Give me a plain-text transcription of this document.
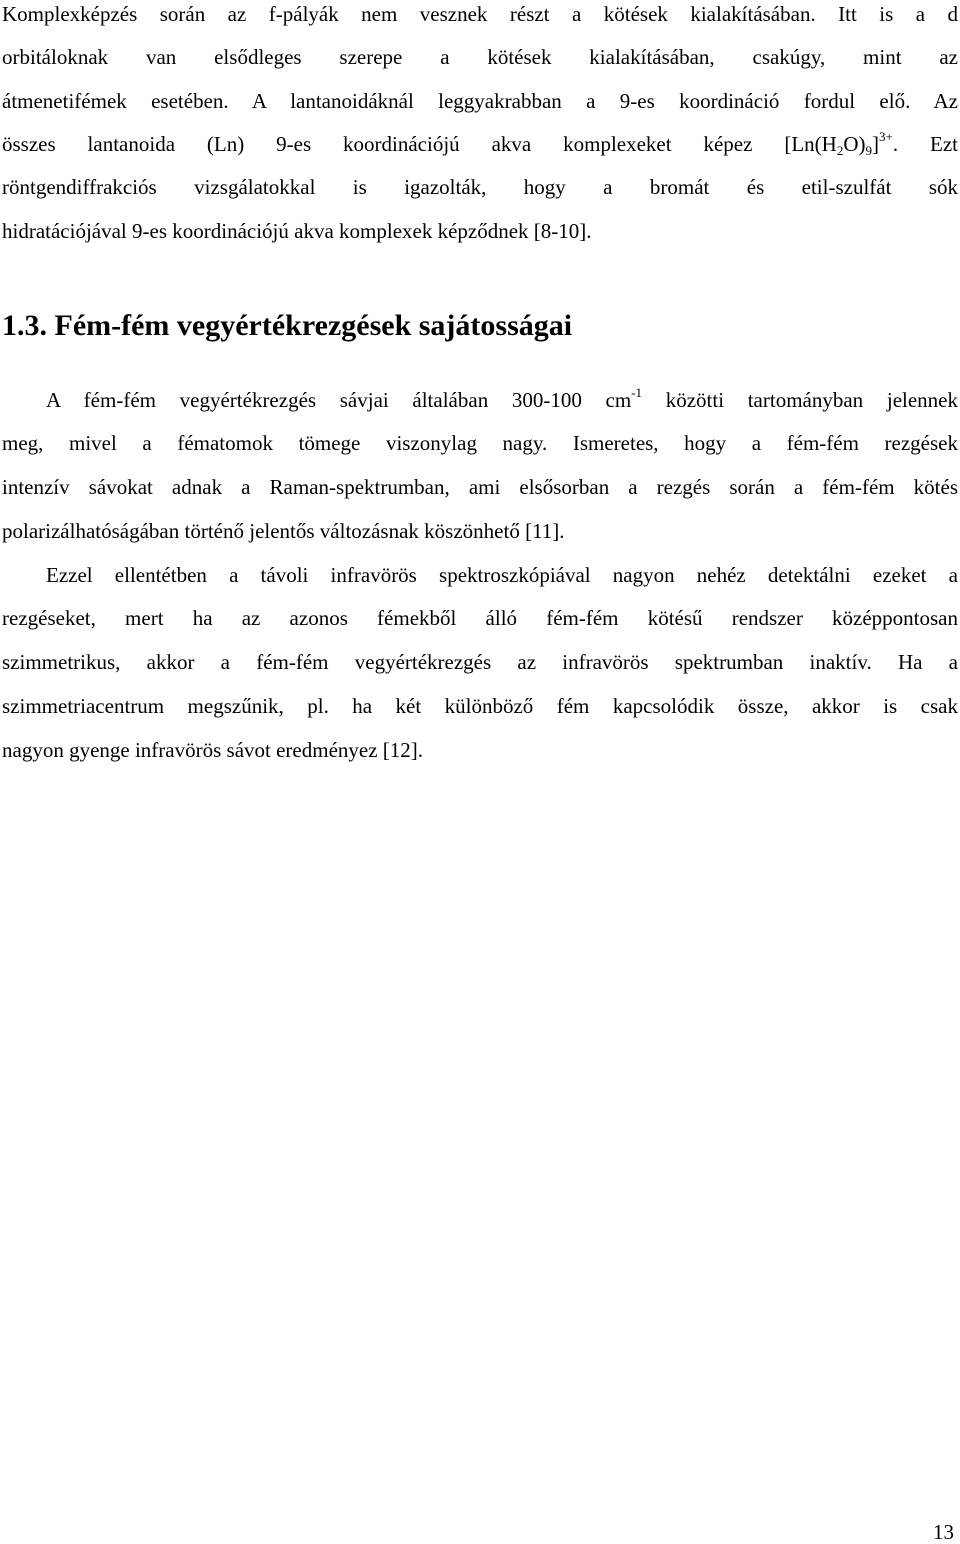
Komplexképzés során az f-pályák nem vesznek részt a kötések kialakításában. Itt is a d
orbitáloknak van elsődleges szerepe a kötések kialakításában, csakúgy, mint az
átmenetifémek esetében. A lantanoidáknál leggyakrabban a 9-es koordináció fordul elő. Az
összes lantanoida (Ln) 9-es koordinációjú akva komplexeket képez $[Ln(H2O)9]^{3+}$. Ezt
röntgendiffrakciós vizsgálatokkal is igazolták, hogy a bromát és etil-szulfát sók
hidratációjával 9-es koordinációjú akva komplexek képződnek [8-10].
1.3. Fém-fém vegyértékrezgések sajátosságai
A fém-fém vegyértékrezgés sávjai általában 300-100 $cm^{-1}$ közötti tartományban jelennek
meg, mivel a fématomok tömege viszonylag nagy. Ismeretes, hogy a fém-fém rezgések
intenzív sávokat adnak a Raman-spektrumban, ami elsősorban a rezgés során a fém-fém kötés
polarizálhatóságában történő jelentős változásnak köszönhető [11].
Ezzel ellentétben a távoli infravörös spektroszkópiával nagyon nehéz detektálni ezeket a
rezgéseket, mert ha az azonos fémekből álló fém-fém kötésű rendszer középpontosan
szimmetrikus, akkor a fém-fém vegyértékrezgés az infravörös spektrumban inaktív. Ha a
szimmetriacentrum megszűnik, pl. ha két különböző fém kapcsolódik össze, akkor is csak
nagyon gyenge infravörös sávot eredményez [12].
13
